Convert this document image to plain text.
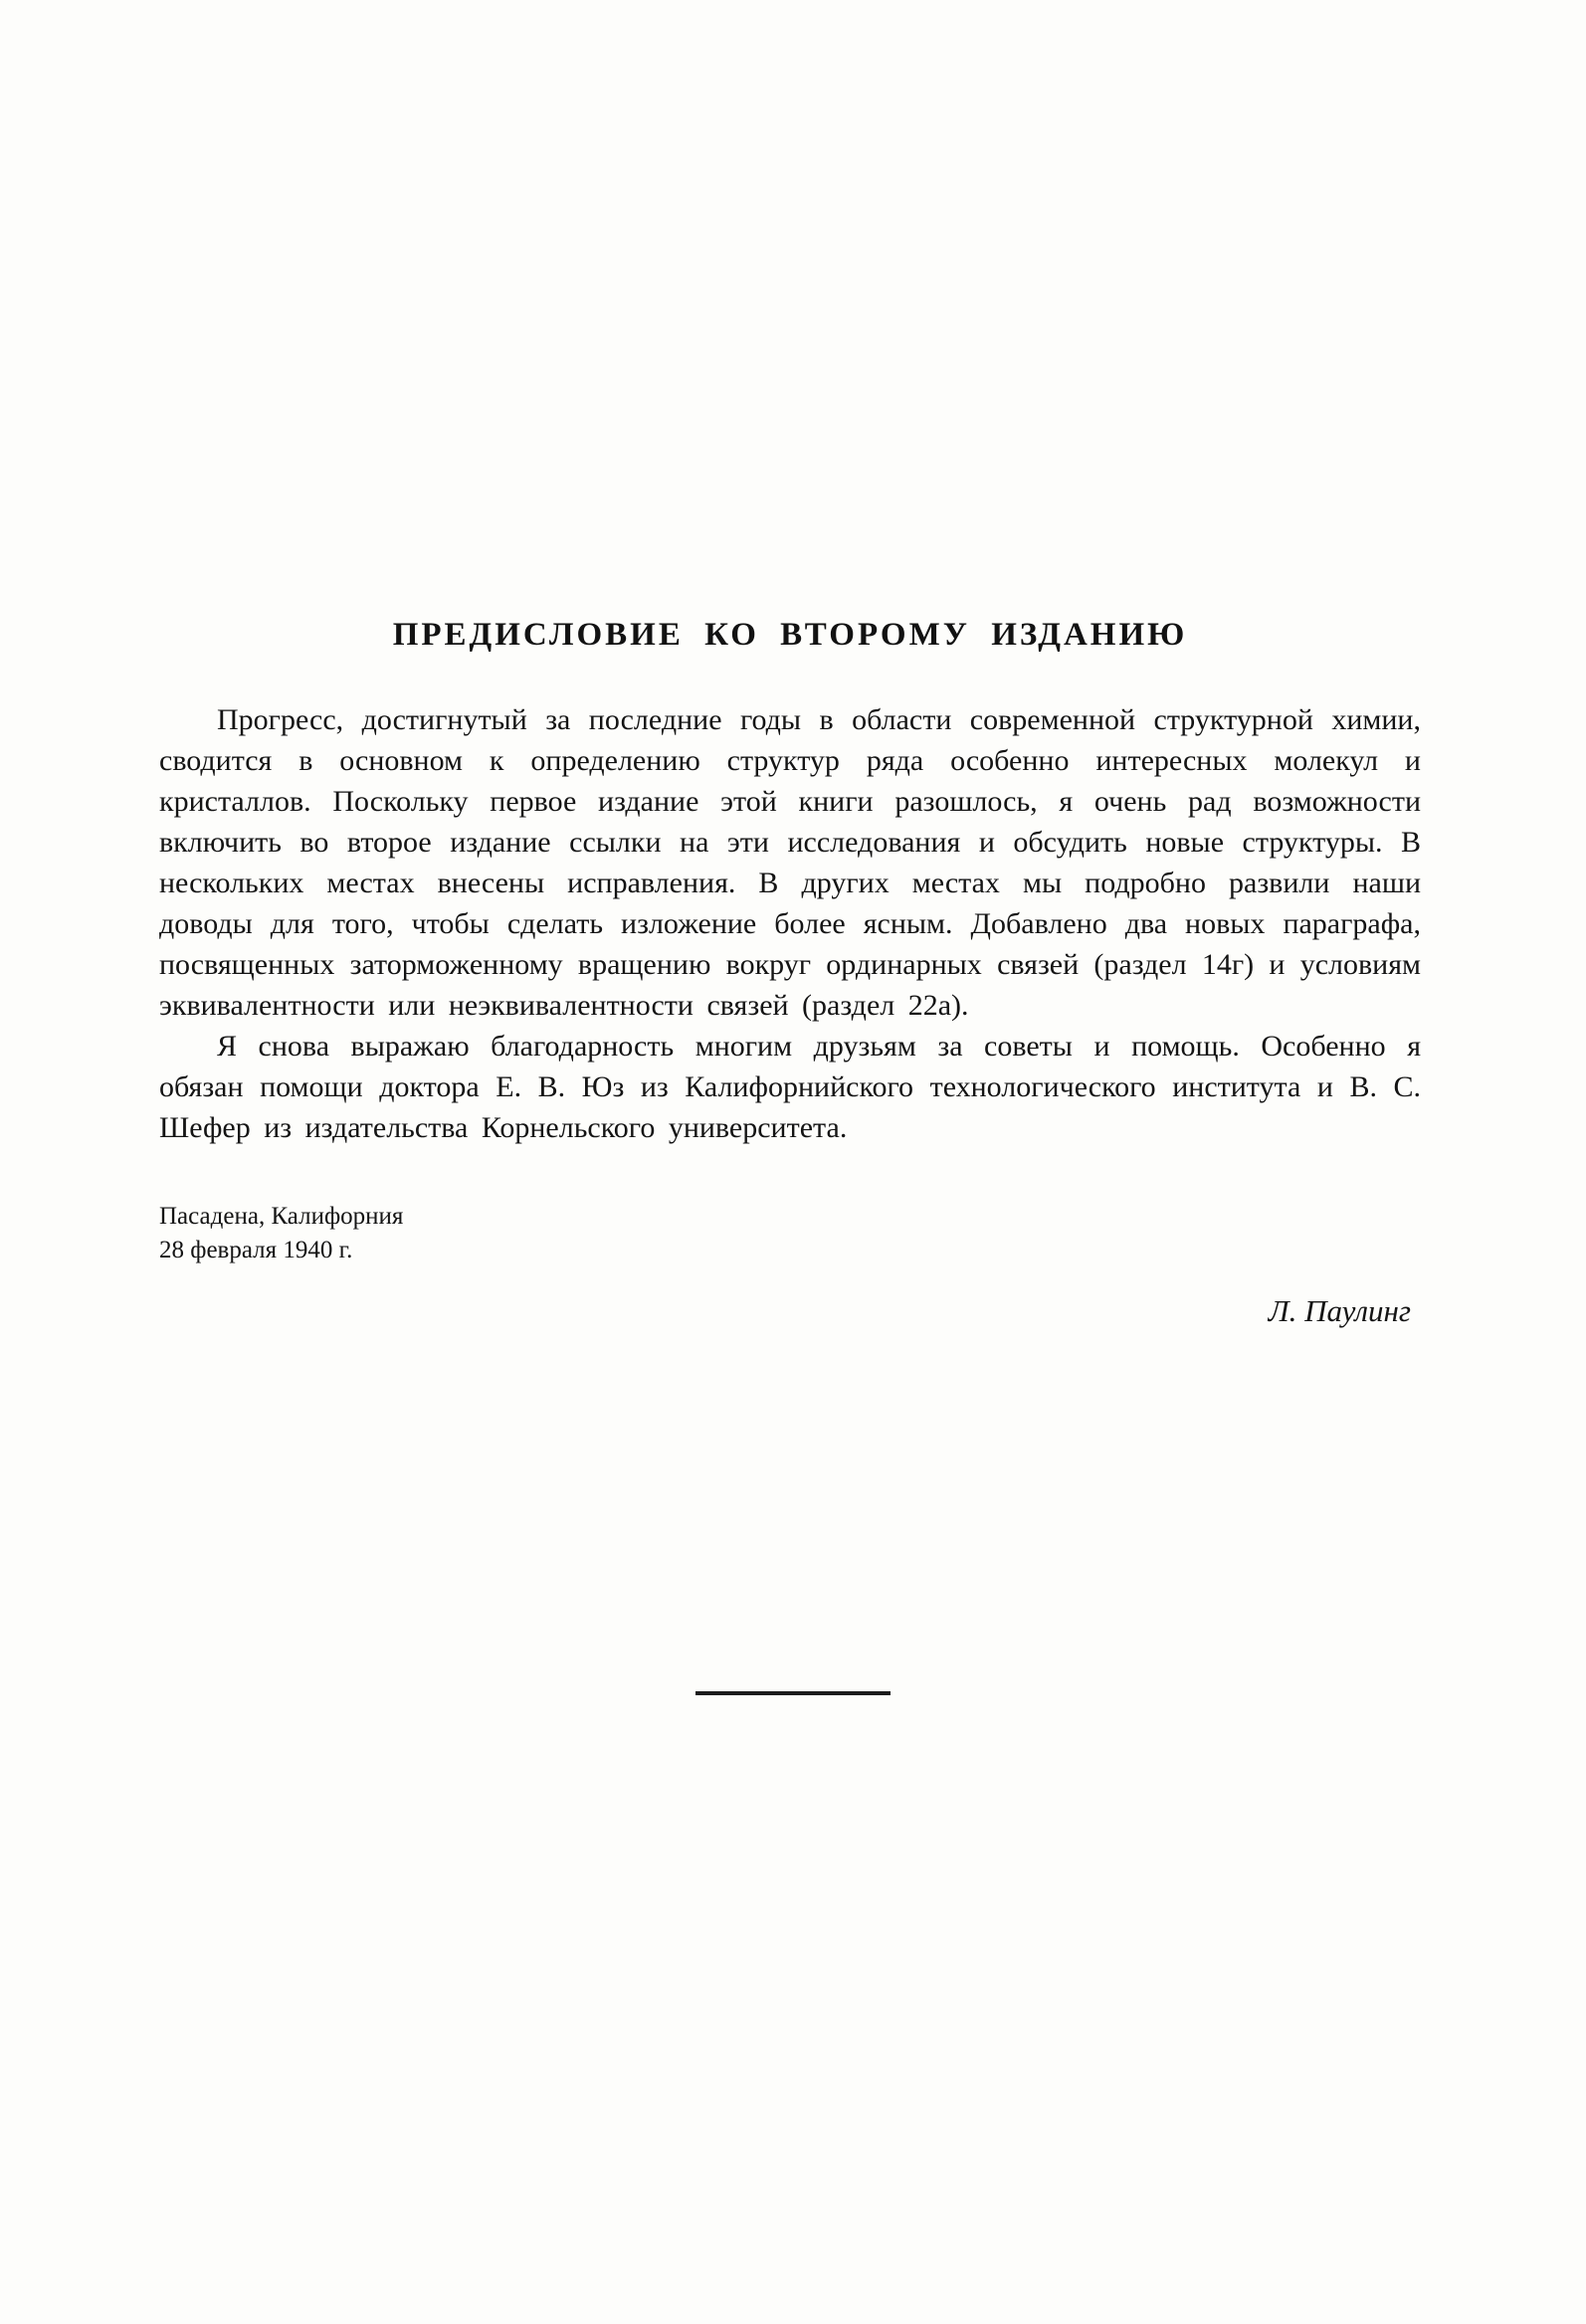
ПРЕДИСЛОВИЕ КО ВТОРОМУ ИЗДАНИЮ

Прогресс, достигнутый за последние годы в области современной структурной химии, сводится в основном к определению структур ряда особенно интересных молекул и кристаллов. Поскольку первое издание этой книги разошлось, я очень рад возможности включить во второе издание ссылки на эти исследования и обсудить новые структуры. В нескольких местах внесены исправления. В других местах мы подробно развили наши доводы для того, чтобы сделать изложение более ясным. Добавлено два новых параграфа, посвященных заторможенному вращению вокруг ординарных связей (раздел 14г) и условиям эквивалентности или неэквивалентности связей (раздел 22а).

Я снова выражаю благодарность многим друзьям за советы и помощь. Особенно я обязан помощи доктора Е. В. Юз из Калифорнийского технологического института и В. С. Шефер из издательства Корнельского университета.

Пасадена, Калифорния
28 февраля 1940 г.
Л. Паулинг
